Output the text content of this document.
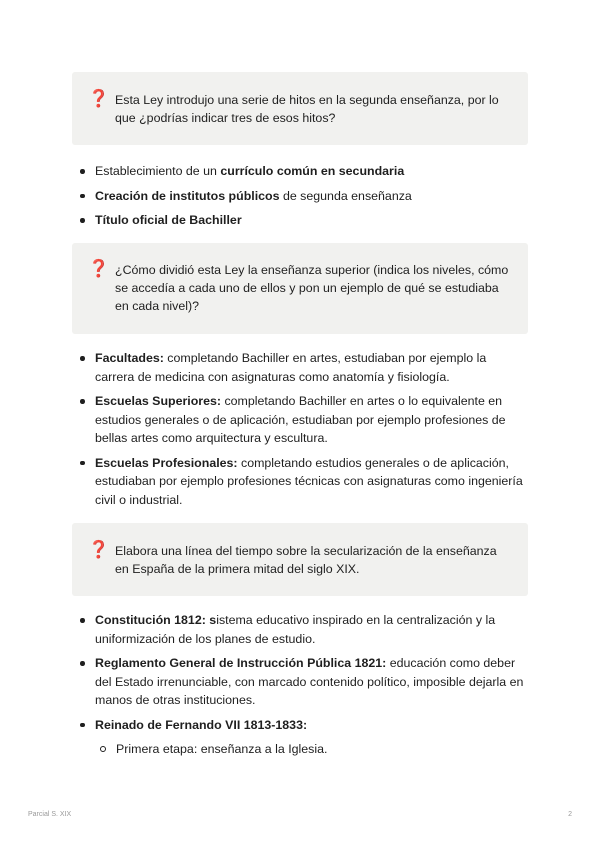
❓ Esta Ley introdujo una serie de hitos en la segunda enseñanza, por lo que ¿podrías indicar tres de esos hitos?

Establecimiento de un currículo común en secundaria
Creación de institutos públicos de segunda enseñanza
Título oficial de Bachiller
❓ ¿Cómo dividió esta Ley la enseñanza superior (indica los niveles, cómo se accedía a cada uno de ellos y pon un ejemplo de qué se estudiaba en cada nivel)?

Facultades: completando Bachiller en artes, estudiaban por ejemplo la carrera de medicina con asignaturas como anatomía y fisiología.
Escuelas Superiores: completando Bachiller en artes o lo equivalente en estudios generales o de aplicación, estudiaban por ejemplo profesiones de bellas artes como arquitectura y escultura.
Escuelas Profesionales: completando estudios generales o de aplicación, estudiaban por ejemplo profesiones técnicas con asignaturas como ingeniería civil o industrial.
❓ Elabora una línea del tiempo sobre la secularización de la enseñanza en España de la primera mitad del siglo XIX.

Constitución 1812: sistema educativo inspirado en la centralización y la uniformización de los planes de estudio.
Reglamento General de Instrucción Pública 1821: educación como deber del Estado irrenunciable, con marcado contenido político, imposible dejarla en manos de otras instituciones.
Reinado de Fernando VII 1813-1833:
Primera etapa: enseñanza a la Iglesia.
Parcial S. XIX	2
